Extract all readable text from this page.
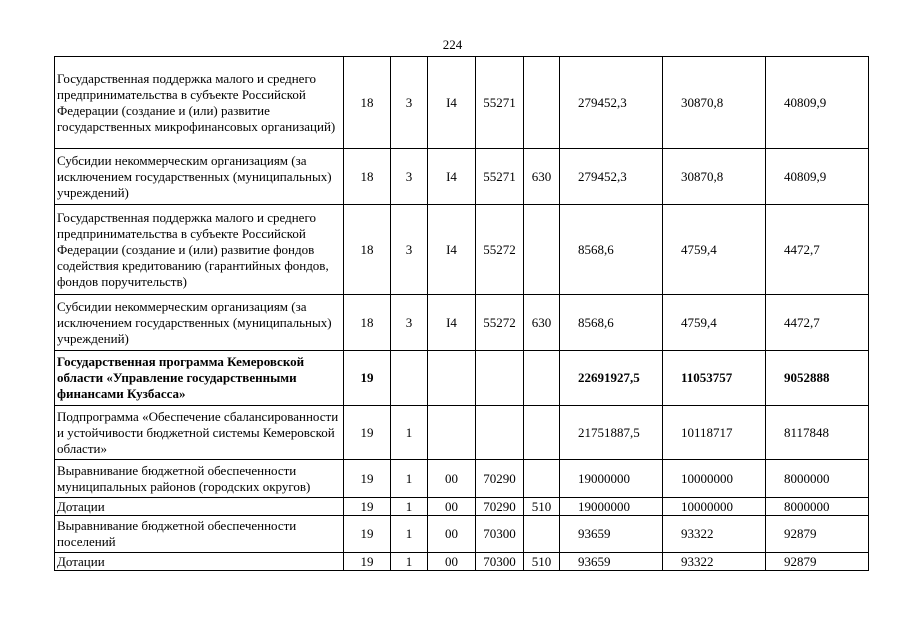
224
Государственная поддержка малого и среднего предпринимательства в субъекте Российской Федерации (создание и (или) развитие государственных микрофинансовых организаций)	18	3	I4	55271		279452,3	30870,8	40809,9
Субсидии некоммерческим организациям (за исключением государственных (муниципальных) учреждений)	18	3	I4	55271	630	279452,3	30870,8	40809,9
Государственная поддержка малого и среднего предпринимательства в субъекте Российской Федерации (создание и (или) развитие фондов содействия кредитованию (гарантийных фондов, фондов поручительств)	18	3	I4	55272		8568,6	4759,4	4472,7
Субсидии некоммерческим организациям (за исключением государственных (муниципальных) учреждений)	18	3	I4	55272	630	8568,6	4759,4	4472,7
Государственная программа Кемеровской области «Управление государственными финансами Кузбасса»	19					22691927,5	11053757	9052888
Подпрограмма «Обеспечение сбалансированности и устойчивости бюджетной системы Кемеровской области»	19	1				21751887,5	10118717	8117848
Выравнивание бюджетной обеспеченности муниципальных районов (городских округов)	19	1	00	70290		19000000	10000000	8000000
Дотации	19	1	00	70290	510	19000000	10000000	8000000
Выравнивание бюджетной обеспеченности поселений	19	1	00	70300		93659	93322	92879
Дотации	19	1	00	70300	510	93659	93322	92879
